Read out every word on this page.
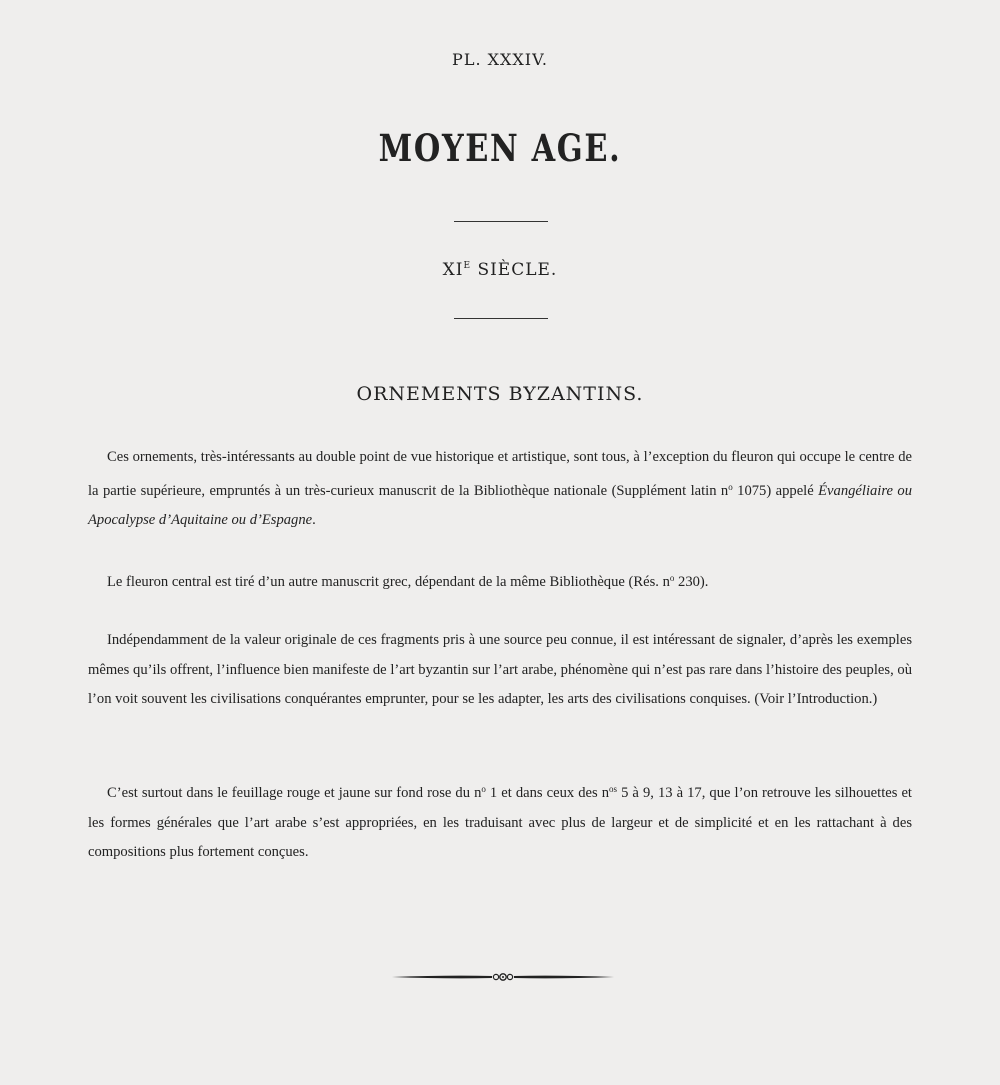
PL. XXXIV.
MOYEN AGE.
$XI^E$ SIÈCLE.
ORNEMENTS BYZANTINS.

Ces ornements, très-intéressants au double point de vue historique et artistique, sont tous, à l’exception du fleuron qui occupe le centre de la partie supérieure, empruntés à un très-curieux manuscrit de la Bibliothèque nationale (Supplément latin $n^o$ 1075) appelé Évangéliaire ou Apocalypse d’Aquitaine ou d’Espagne.

Le fleuron central est tiré d’un autre manuscrit grec, dépendant de la même Bibliothèque (Rés. $n^o$ 230).

Indépendamment de la valeur originale de ces fragments pris à une source peu connue, il est intéressant de signaler, d’après les exemples mêmes qu’ils offrent, l’influence bien manifeste de l’art byzantin sur l’art arabe, phénomène qui n’est pas rare dans l’histoire des peuples, où l’on voit souvent les civilisations conquérantes emprunter, pour se les adapter, les arts des civilisations conquises. (Voir l’Introduction.)

C’est surtout dans le feuillage rouge et jaune sur fond rose du $n^o$ 1 et dans ceux des $n^{os}$ 5 à 9, 13 à 17, que l’on retrouve les silhouettes et les formes générales que l’art arabe s’est appropriées, en les traduisant avec plus de largeur et de simplicité et en les rattachant à des compositions plus fortement conçues.
